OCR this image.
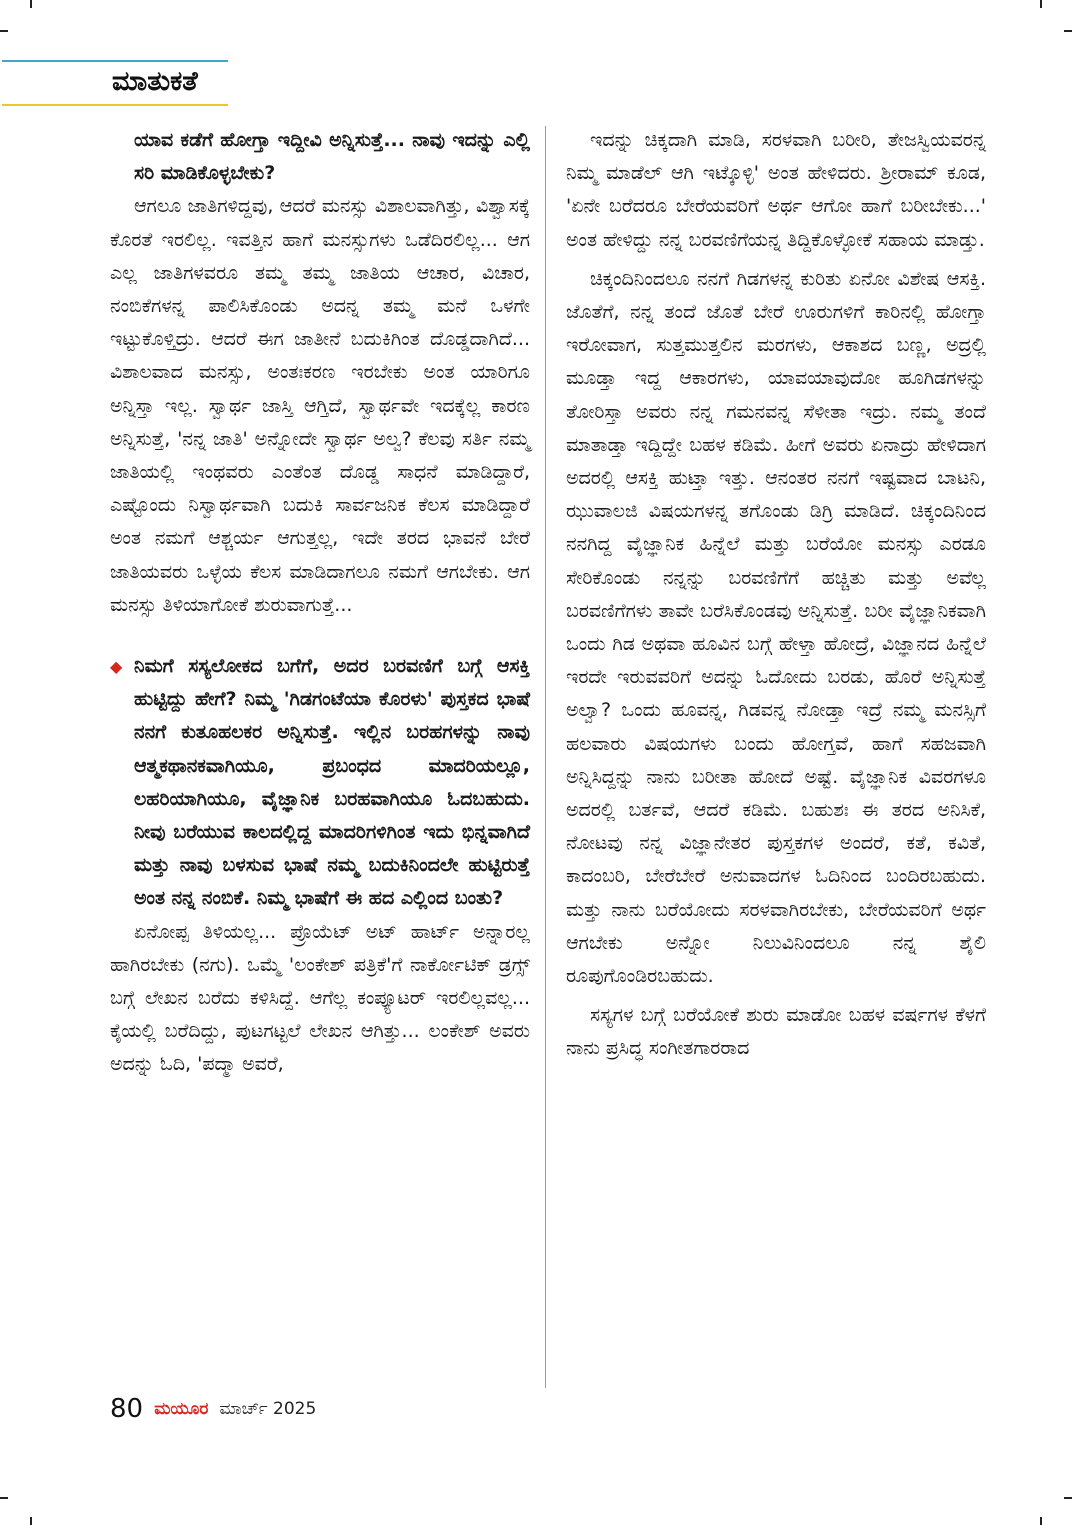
ಮಾತುಕತೆ

ಯಾವ ಕಡೆಗೆ ಹೋಗ್ತಾ ಇದ್ದೀವಿ ಅನ್ನಿಸುತ್ತೆ... ನಾವು ಇದನ್ನು ಎಲ್ಲಿ ಸರಿ ಮಾಡಿಕೊಳ್ಳಬೇಕು?

ಆಗಲೂ ಜಾತಿಗಳಿದ್ದವು, ಆದರೆ ಮನಸ್ಸು ವಿಶಾಲವಾಗಿತ್ತು, ವಿಶ್ವಾಸಕ್ಕೆ ಕೊರತೆ ಇರಲಿಲ್ಲ. ಇವತ್ತಿನ ಹಾಗೆ ಮನಸ್ಸುಗಳು ಒಡೆದಿರಲಿಲ್ಲ... ಆಗ ಎಲ್ಲ ಜಾತಿಗಳವರೂ ತಮ್ಮ ತಮ್ಮ ಜಾತಿಯ ಆಚಾರ, ವಿಚಾರ, ನಂಬಿಕೆಗಳನ್ನ ಪಾಲಿಸಿಕೊಂಡು ಅದನ್ನ ತಮ್ಮ ಮನೆ ಒಳಗೇ ಇಟ್ಟುಕೊಳ್ತಿದ್ರು. ಆದರೆ ಈಗ ಜಾತೀನೆ ಬದುಕಿಗಿಂತ ದೊಡ್ಡದಾಗಿದೆ... ವಿಶಾಲವಾದ ಮನಸ್ಸು, ಅಂತಃಕರಣ ಇರಬೇಕು ಅಂತ ಯಾರಿಗೂ ಅನ್ನಿಸ್ತಾ ಇಲ್ಲ. ಸ್ವಾರ್ಥ ಜಾಸ್ತಿ ಆಗ್ತಿದೆ, ಸ್ವಾರ್ಥವೇ ಇದಕ್ಕೆಲ್ಲ ಕಾರಣ ಅನ್ನಿಸುತ್ತೆ, 'ನನ್ನ ಜಾತಿ' ಅನ್ನೋದೇ ಸ್ವಾರ್ಥ ಅಲ್ವ? ಕೆಲವು ಸರ್ತಿ ನಮ್ಮ ಜಾತಿಯಲ್ಲಿ ಇಂಥವರು ಎಂತೆಂತ ದೊಡ್ಡ ಸಾಧನೆ ಮಾಡಿದ್ದಾರೆ, ಎಷ್ಟೊಂದು ನಿಸ್ವಾರ್ಥವಾಗಿ ಬದುಕಿ ಸಾರ್ವಜನಿಕ ಕೆಲಸ ಮಾಡಿದ್ದಾರೆ ಅಂತ ನಮಗೆ ಆಶ್ಚರ್ಯ ಆಗುತ್ತಲ್ಲ, ಇದೇ ತರದ ಭಾವನೆ ಬೇರೆ ಜಾತಿಯವರು ಒಳ್ಳೆಯ ಕೆಲಸ ಮಾಡಿದಾಗಲೂ ನಮಗೆ ಆಗಬೇಕು. ಆಗ ಮನಸ್ಸು ತಿಳಿಯಾಗೋಕೆ ಶುರುವಾಗುತ್ತೆ...

◆ ನಿಮಗೆ ಸಸ್ಯಲೋಕದ ಬಗೆಗೆ, ಅದರ ಬರವಣಿಗೆ ಬಗ್ಗೆ ಆಸಕ್ತಿ ಹುಟ್ಟಿದ್ದು ಹೇಗೆ? ನಿಮ್ಮ 'ಗಿಡಗಂಟೆಯಾ ಕೊರಳು' ಪುಸ್ತಕದ ಭಾಷೆ ನನಗೆ ಕುತೂಹಲಕರ ಅನ್ನಿಸುತ್ತೆ. ಇಲ್ಲಿನ ಬರಹಗಳನ್ನು ನಾವು ಆತ್ಮಕಥಾನಕವಾಗಿಯೂ, ಪ್ರಬಂಧದ ಮಾದರಿಯಲ್ಲೂ, ಲಹರಿಯಾಗಿಯೂ, ವೈಜ್ಞಾನಿಕ ಬರಹವಾಗಿಯೂ ಓದಬಹುದು. ನೀವು ಬರೆಯುವ ಕಾಲದಲ್ಲಿದ್ದ ಮಾದರಿಗಳಿಗಿಂತ ಇದು ಭಿನ್ನವಾಗಿದೆ ಮತ್ತು ನಾವು ಬಳಸುವ ಭಾಷೆ ನಮ್ಮ ಬದುಕಿನಿಂದಲೇ ಹುಟ್ಟಿರುತ್ತೆ ಅಂತ ನನ್ನ ನಂಬಿಕೆ. ನಿಮ್ಮ ಭಾಷೆಗೆ ಈ ಹದ ಎಲ್ಲಿಂದ ಬಂತು?

ಏನೋಪ್ಪ ತಿಳಿಯಲ್ಲ... ಪ್ರೊಯೆಟ್ ಅಟ್ ಹಾರ್ಟ್ ಅನ್ನಾರಲ್ಲ ಹಾಗಿರಬೇಕು (ನಗು). ಒಮ್ಮೆ 'ಲಂಕೇಶ್ ಪತ್ರಿಕೆ'ಗೆ ನಾರ್ಕೋಟಿಕ್ ಡ್ರಗ್ಸ್ ಬಗ್ಗೆ ಲೇಖನ ಬರೆದು ಕಳಿಸಿದ್ದೆ. ಆಗೆಲ್ಲ ಕಂಪ್ಯೂಟರ್ ಇರಲಿಲ್ಲವಲ್ಲ... ಕೈಯಲ್ಲಿ ಬರೆದಿದ್ದು, ಪುಟಗಟ್ಟಲೆ ಲೇಖನ ಆಗಿತ್ತು... ಲಂಕೇಶ್ ಅವರು ಅದನ್ನು ಓದಿ, 'ಪದ್ಮಾ ಅವರೆ,

ಇದನ್ನು ಚಿಕ್ಕದಾಗಿ ಮಾಡಿ, ಸರಳವಾಗಿ ಬರೀರಿ, ತೇಜಸ್ವಿಯವರನ್ನ ನಿಮ್ಮ ಮಾಡೆಲ್ ಆಗಿ ಇಟ್ಕೊಳ್ಳಿ' ಅಂತ ಹೇಳಿದರು. ಶ್ರೀರಾಮ್ ಕೂಡ, 'ಏನೇ ಬರೆದರೂ ಬೇರೆಯವರಿಗೆ ಅರ್ಥ ಆಗೋ ಹಾಗೆ ಬರೀಬೇಕು...' ಅಂತ ಹೇಳಿದ್ದು ನನ್ನ ಬರವಣಿಗೆಯನ್ನ ತಿದ್ದಿಕೊಳ್ಳೋಕೆ ಸಹಾಯ ಮಾಡ್ತು.

ಚಿಕ್ಕಂದಿನಿಂದಲೂ ನನಗೆ ಗಿಡಗಳನ್ನ ಕುರಿತು ಏನೋ ವಿಶೇಷ ಆಸಕ್ತಿ. ಜೊತೆಗೆ, ನನ್ನ ತಂದೆ ಜೊತೆ ಬೇರೆ ಊರುಗಳಿಗೆ ಕಾರಿನಲ್ಲಿ ಹೋಗ್ತಾ ಇರೋವಾಗ, ಸುತ್ತಮುತ್ತಲಿನ ಮರಗಳು, ಆಕಾಶದ ಬಣ್ಣ, ಅದ್ರಲ್ಲಿ ಮೂಡ್ತಾ ಇದ್ದ ಆಕಾರಗಳು, ಯಾವಯಾವುದೋ ಹೂಗಿಡಗಳನ್ನು ತೋರಿಸ್ತಾ ಅವರು ನನ್ನ ಗಮನವನ್ನ ಸೆಳೀತಾ ಇದ್ರು. ನಮ್ಮ ತಂದೆ ಮಾತಾಡ್ತಾ ಇದ್ದಿದ್ದೇ ಬಹಳ ಕಡಿಮೆ. ಹೀಗೆ ಅವರು ಏನಾದ್ರು ಹೇಳಿದಾಗ ಅದರಲ್ಲಿ ಆಸಕ್ತಿ ಹುಟ್ತಾ ಇತ್ತು. ಆನಂತರ ನನಗೆ ಇಷ್ಟವಾದ ಬಾಟನಿ, ಝುವಾಲಜಿ ವಿಷಯಗಳನ್ನ ತಗೊಂಡು ಡಿಗ್ರಿ ಮಾಡಿದೆ. ಚಿಕ್ಕಂದಿನಿಂದ ನನಗಿದ್ದ ವೈಜ್ಞಾನಿಕ ಹಿನ್ನೆಲೆ ಮತ್ತು ಬರೆಯೋ ಮನಸ್ಸು ಎರಡೂ ಸೇರಿಕೊಂಡು ನನ್ನನ್ನು ಬರವಣಿಗೆಗೆ ಹಚ್ಚಿತು ಮತ್ತು ಅವೆಲ್ಲ ಬರವಣಿಗೆಗಳು ತಾವೇ ಬರೆಸಿಕೊಂಡವು ಅನ್ನಿಸುತ್ತೆ. ಬರೀ ವೈಜ್ಞಾನಿಕವಾಗಿ ಒಂದು ಗಿಡ ಅಥವಾ ಹೂವಿನ ಬಗ್ಗೆ ಹೇಳ್ತಾ ಹೋದ್ರೆ, ವಿಜ್ಞಾನದ ಹಿನ್ನೆಲೆ ಇರದೇ ಇರುವವರಿಗೆ ಅದನ್ನು ಓದೋದು ಬರಡು, ಹೊರೆ ಅನ್ನಿಸುತ್ತೆ ಅಲ್ವಾ? ಒಂದು ಹೂವನ್ನ, ಗಿಡವನ್ನ ನೋಡ್ತಾ ಇದ್ರೆ ನಮ್ಮ ಮನಸ್ಸಿಗೆ ಹಲವಾರು ವಿಷಯಗಳು ಬಂದು ಹೋಗ್ತವೆ, ಹಾಗೆ ಸಹಜವಾಗಿ ಅನ್ನಿಸಿದ್ದನ್ನು ನಾನು ಬರೀತಾ ಹೋದೆ ಅಷ್ಟೆ. ವೈಜ್ಞಾನಿಕ ವಿವರಗಳೂ ಅದರಲ್ಲಿ ಬರ್ತವೆ, ಆದರೆ ಕಡಿಮೆ. ಬಹುಶಃ ಈ ತರದ ಅನಿಸಿಕೆ, ನೋಟವು ನನ್ನ ವಿಜ್ಞಾನೇತರ ಪುಸ್ತಕಗಳ ಅಂದರೆ, ಕತೆ, ಕವಿತೆ, ಕಾದಂಬರಿ, ಬೇರೆಬೇರೆ ಅನುವಾದಗಳ ಓದಿನಿಂದ ಬಂದಿರಬಹುದು. ಮತ್ತು ನಾನು ಬರೆಯೋದು ಸರಳವಾಗಿರಬೇಕು, ಬೇರೆಯವರಿಗೆ ಅರ್ಥ ಆಗಬೇಕು ಅನ್ನೋ ನಿಲುವಿನಿಂದಲೂ ನನ್ನ ಶೈಲಿ ರೂಪುಗೊಂಡಿರಬಹುದು.

ಸಸ್ಯಗಳ ಬಗ್ಗೆ ಬರೆಯೋಕೆ ಶುರು ಮಾಡೋ ಬಹಳ ವರ್ಷಗಳ ಕೆಳಗೆ ನಾನು ಪ್ರಸಿದ್ಧ ಸಂಗೀತಗಾರರಾದ

80 ಮಯೂರ ಮಾರ್ಚ್ 2025
